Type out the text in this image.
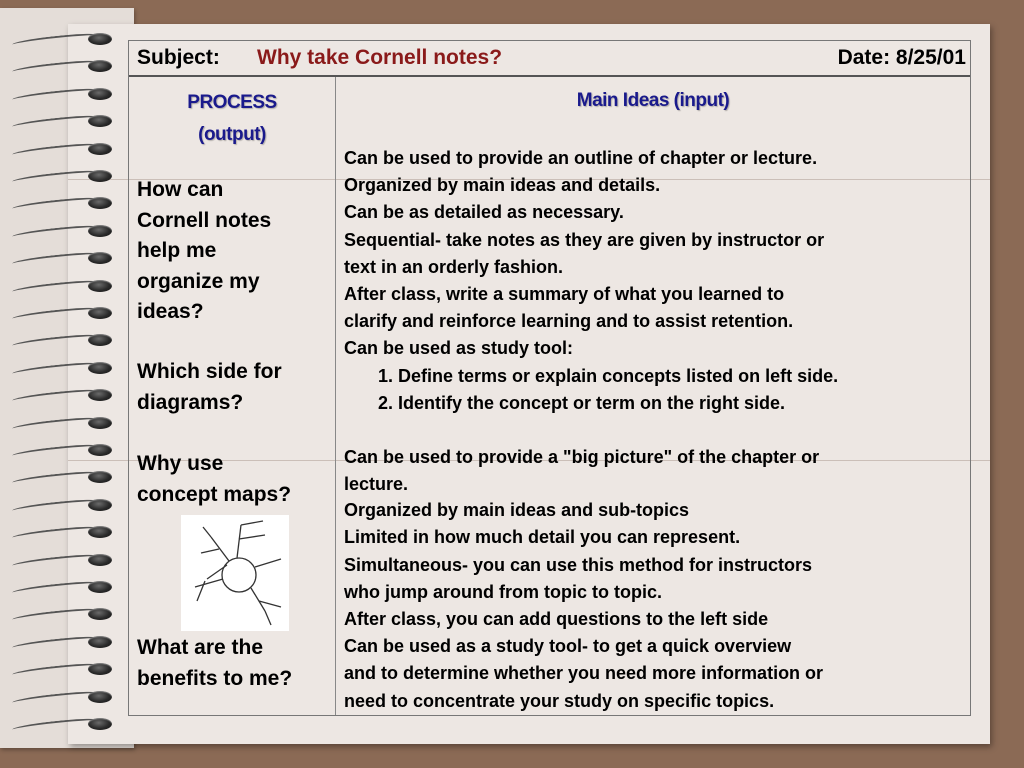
Subject: Why take Cornell notes?	Date: 8/25/01
PROCESS
(output)
How can
Cornell notes
help me
organize my
ideas?
Which side for
diagrams?
Why use
concept maps?
What are the
benefits to me?
Main Ideas (input)
Can be used to provide an outline of chapter or lecture.
Organized by main ideas and details.
Can be as detailed as necessary.
Sequential- take notes as they are given by instructor or
text in an orderly fashion.
After class, write a summary of what you learned to
clarify and reinforce learning and to assist retention.
Can be used as study tool:
1. Define terms or explain concepts listed on left side.
2. Identify the concept or term on the right side.
Can be used to provide a "big picture" of the chapter or
lecture.
Organized by main ideas and sub-topics
Limited in how much detail you can represent.
Simultaneous- you can use this method for instructors
who jump around from topic to topic.
After class, you can add questions to the left side
Can be used as a study tool- to get a quick overview
and to determine whether you need more information or
need to concentrate your study on specific topics.
